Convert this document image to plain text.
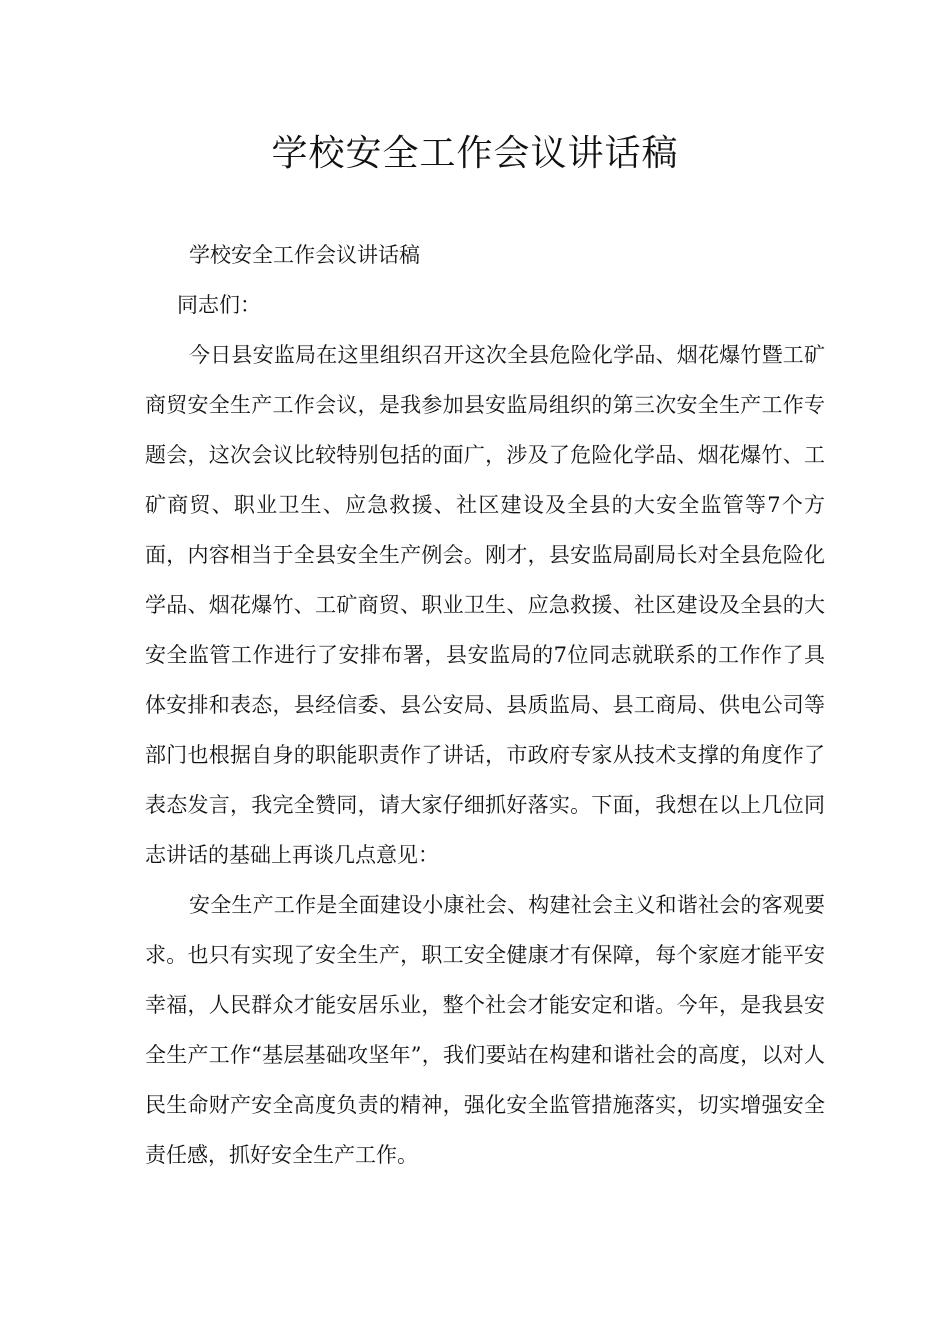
学校安全工作会议讲话稿

学校安全工作会议讲话稿

同志们：

今日县安监局在这里组织召开这次全县危险化学品、烟花爆竹暨工矿商贸安全生产工作会议，是我参加县安监局组织的第三次安全生产工作专题会，这次会议比较特别包括的面广，涉及了危险化学品、烟花爆竹、工矿商贸、职业卫生、应急救援、社区建设及全县的大安全监管等7个方面，内容相当于全县安全生产例会。刚才，县安监局副局长对全县危险化学品、烟花爆竹、工矿商贸、职业卫生、应急救援、社区建设及全县的大安全监管工作进行了安排布署，县安监局的7位同志就联系的工作作了具体安排和表态，县经信委、县公安局、县质监局、县工商局、供电公司等部门也根据自身的职能职责作了讲话，市政府专家从技术支撑的角度作了表态发言，我完全赞同，请大家仔细抓好落实。下面，我想在以上几位同志讲话的基础上再谈几点意见：

安全生产工作是全面建设小康社会、构建社会主义和谐社会的客观要求。也只有实现了安全生产，职工安全健康才有保障，每个家庭才能平安幸福，人民群众才能安居乐业，整个社会才能安定和谐。今年，是我县安全生产工作“基层基础攻坚年”，我们要站在构建和谐社会的高度，以对人民生命财产安全高度负责的精神，强化安全监管措施落实，切实增强安全责任感，抓好安全生产工作。
